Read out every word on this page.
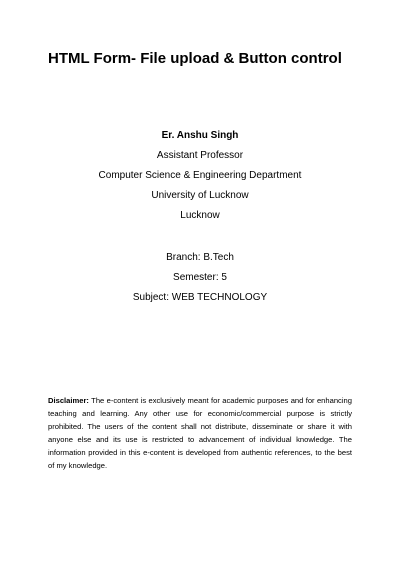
HTML Form- File upload & Button control
Er. Anshu Singh
Assistant Professor
Computer Science & Engineering Department
University of Lucknow
Lucknow
Branch: B.Tech
Semester: 5
Subject: WEB TECHNOLOGY

Disclaimer: The e-content is exclusively meant for academic purposes and for enhancing teaching and learning. Any other use for economic/commercial purpose is strictly prohibited. The users of the content shall not distribute, disseminate or share it with anyone else and its use is restricted to advancement of individual knowledge. The information provided in this e-content is developed from authentic references, to the best of my knowledge.
